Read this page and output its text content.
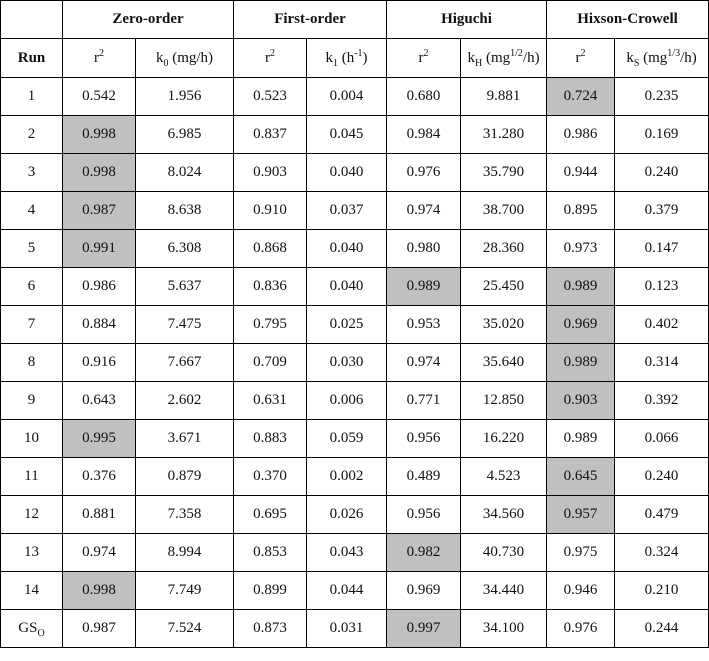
	Zero-order		First-order		Higuchi		Hixson-Crowell	
Run	$r^2$	$k_0$ (mg/h)	$r^2$	$k_1$ $(h^{-1})$	$r^2$	$k_H$ $(mg^{1/2}/h)$	$r^2$	$k_S$ $(mg^{1/3}/h)$
1	0.542	1.956	0.523	0.004	0.680	9.881	0.724	0.235
2	0.998	6.985	0.837	0.045	0.984	31.280	0.986	0.169
3	0.998	8.024	0.903	0.040	0.976	35.790	0.944	0.240
4	0.987	8.638	0.910	0.037	0.974	38.700	0.895	0.379
5	0.991	6.308	0.868	0.040	0.980	28.360	0.973	0.147
6	0.986	5.637	0.836	0.040	0.989	25.450	0.989	0.123
7	0.884	7.475	0.795	0.025	0.953	35.020	0.969	0.402
8	0.916	7.667	0.709	0.030	0.974	35.640	0.989	0.314
9	0.643	2.602	0.631	0.006	0.771	12.850	0.903	0.392
10	0.995	3.671	0.883	0.059	0.956	16.220	0.989	0.066
11	0.376	0.879	0.370	0.002	0.489	4.523	0.645	0.240
12	0.881	7.358	0.695	0.026	0.956	34.560	0.957	0.479
13	0.974	8.994	0.853	0.043	0.982	40.730	0.975	0.324
14	0.998	7.749	0.899	0.044	0.969	34.440	0.946	0.210
$GS_O$	0.987	7.524	0.873	0.031	0.997	34.100	0.976	0.244
